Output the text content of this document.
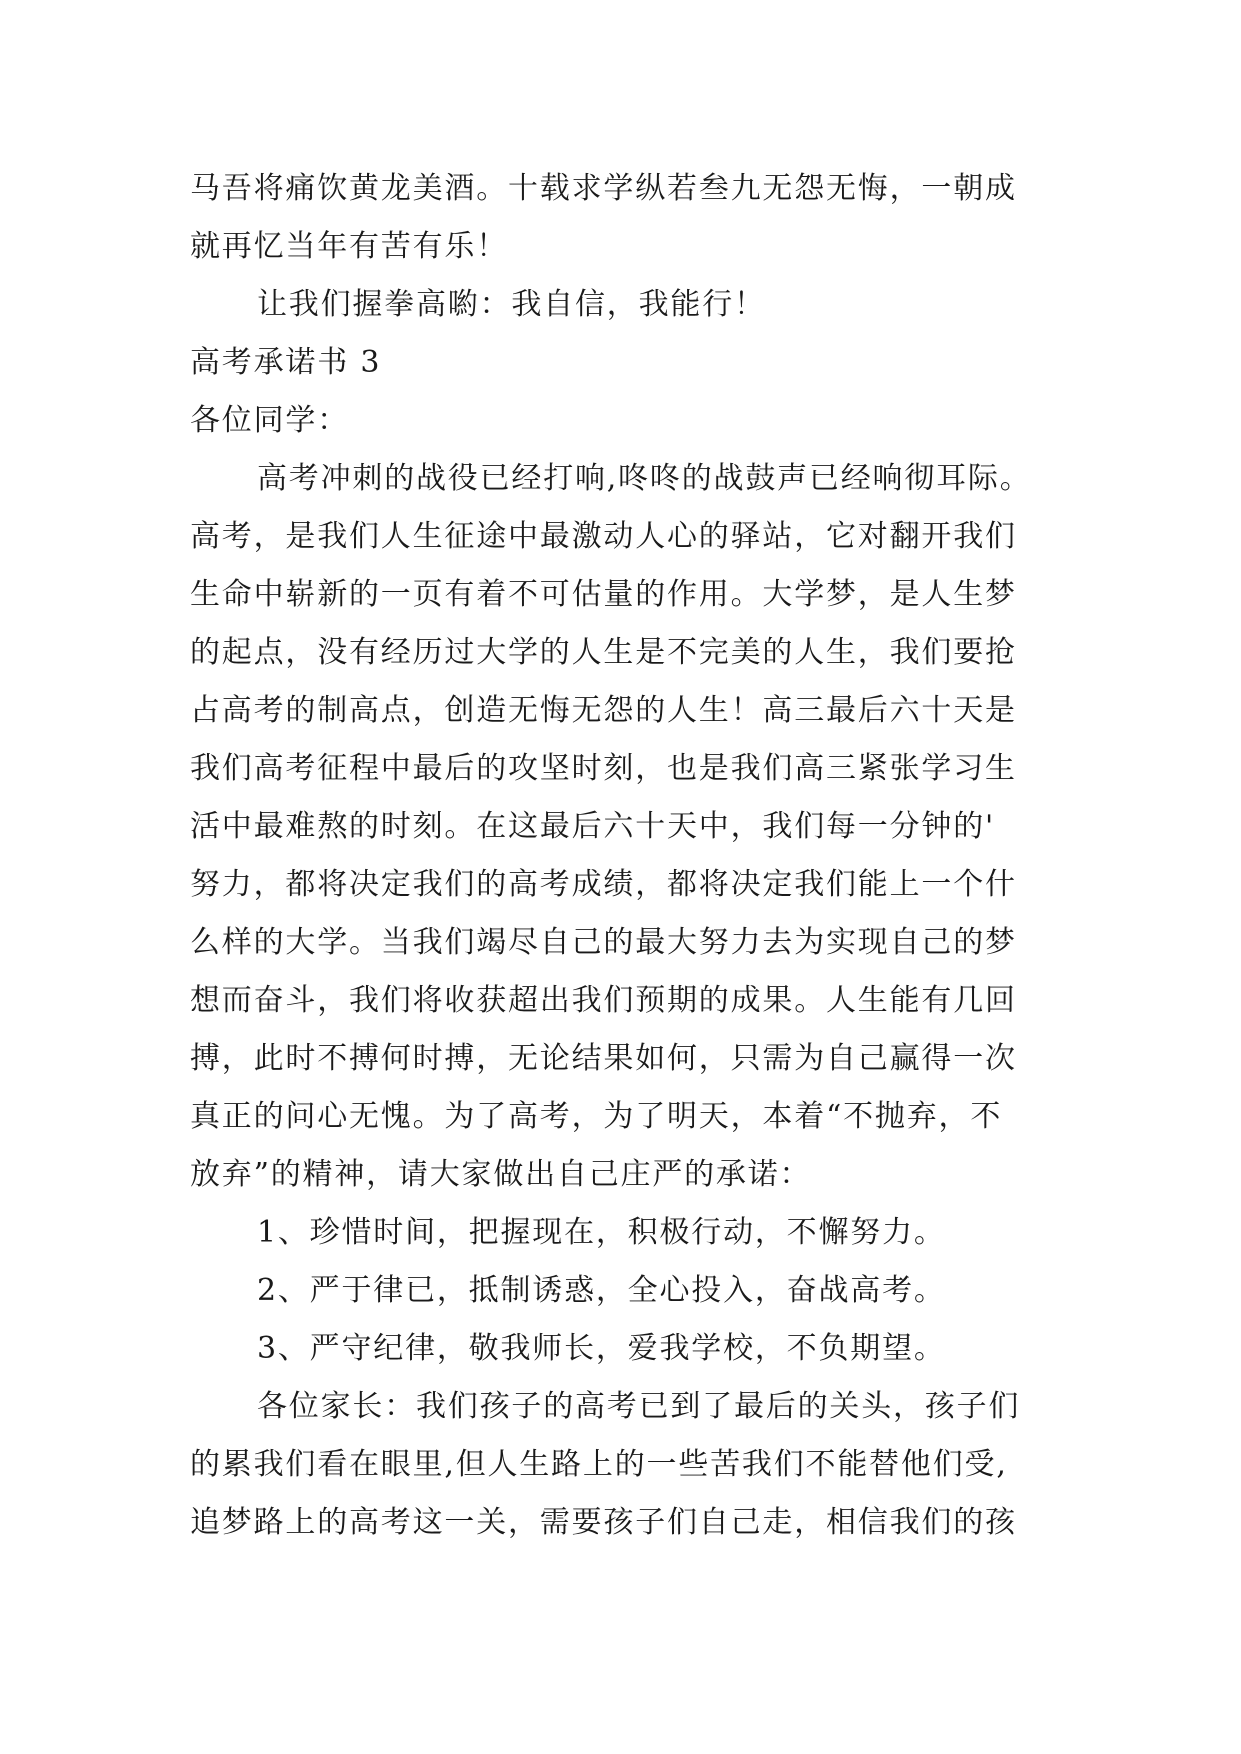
马吾将痛饮黄龙美酒。十载求学纵若叁九无怨无悔，一朝成

就再忆当年有苦有乐！

让我们握拳高喲：我自信，我能行！

高考承诺书 3

各位同学：

高考冲刺的战役已经打响,咚咚的战鼓声已经响彻耳际。

高考，是我们人生征途中最激动人心的驿站，它对翻开我们

生命中崭新的一页有着不可估量的作用。大学梦，是人生梦

的起点，没有经历过大学的人生是不完美的人生，我们要抢

占高考的制高点，创造无悔无怨的人生！高三最后六十天是

我们高考征程中最后的攻坚时刻，也是我们高三紧张学习生

活中最难熬的时刻。在这最后六十天中，我们每一分钟的'

努力，都将决定我们的高考成绩，都将决定我们能上一个什

么样的大学。当我们竭尽自己的最大努力去为实现自己的梦

想而奋斗，我们将收获超出我们预期的成果。人生能有几回

搏，此时不搏何时搏，无论结果如何，只需为自己赢得一次

真正的问心无愧。为了高考，为了明天，本着“不抛弃，不

放弃”的精神，请大家做出自己庄严的承诺：

1、珍惜时间，把握现在，积极行动，不懈努力。

2、严于律已，抵制诱惑，全心投入，奋战高考。

3、严守纪律，敬我师长，爱我学校，不负期望。

各位家长：我们孩子的高考已到了最后的关头，孩子们

的累我们看在眼里,但人生路上的一些苦我们不能替他们受,

追梦路上的高考这一关，需要孩子们自己走，相信我们的孩
